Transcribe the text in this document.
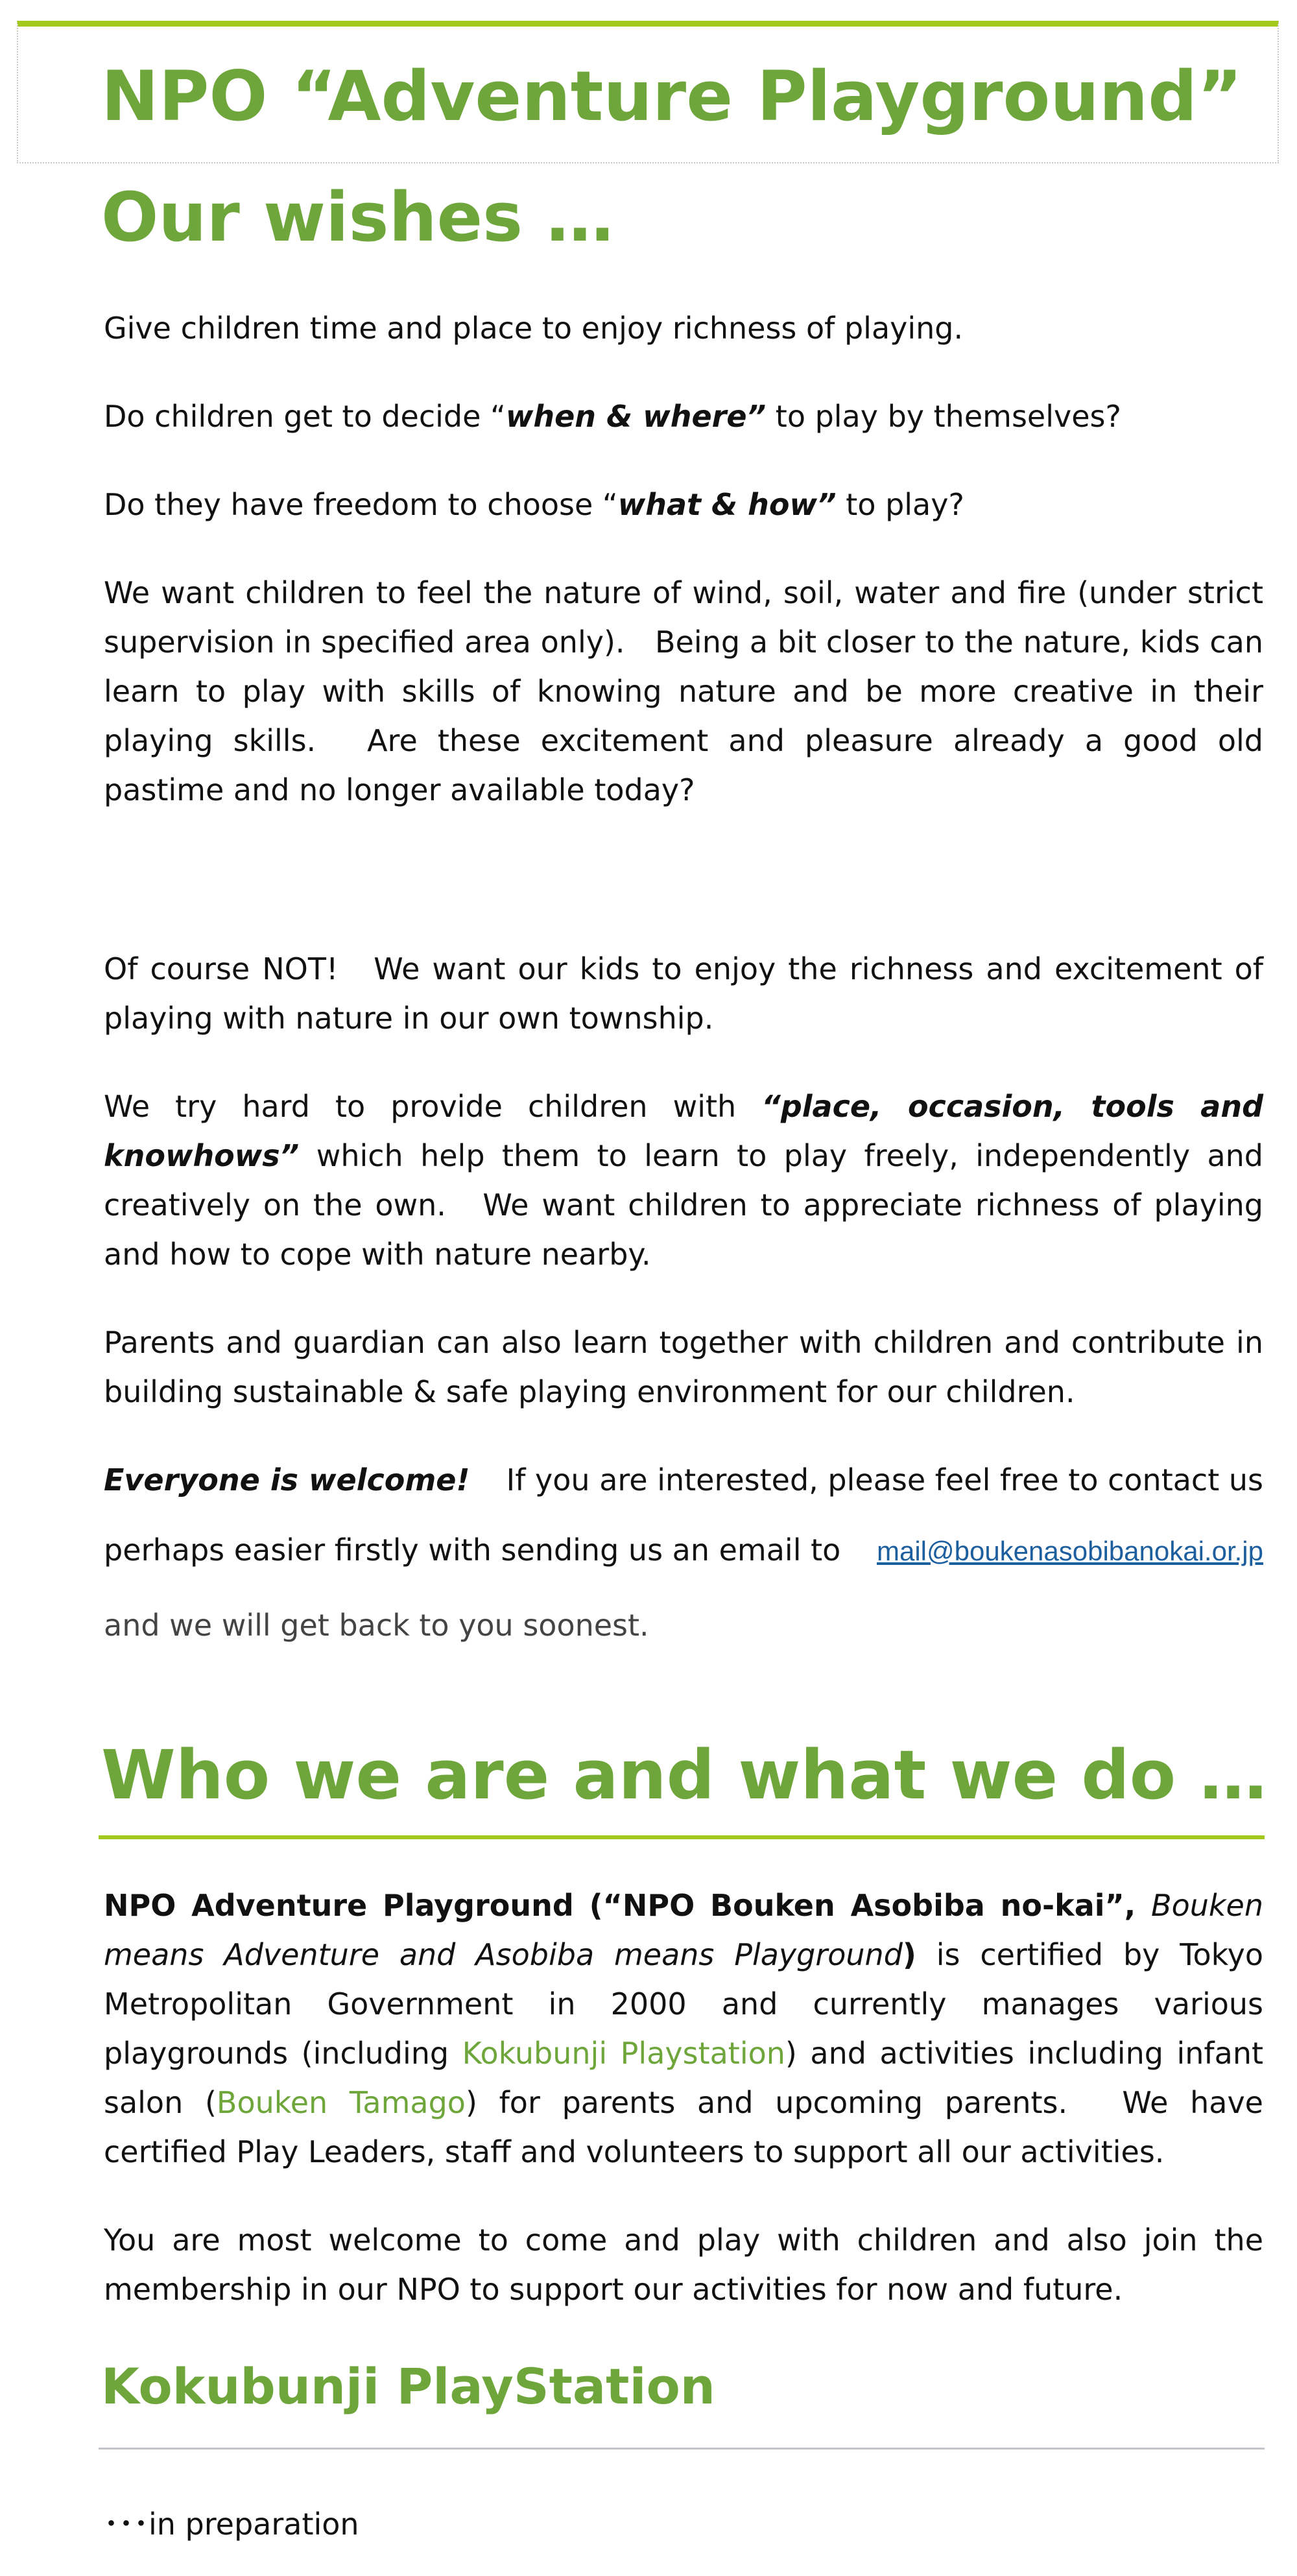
NPO “Adventure Playground”
Our wishes …

Give children time and place to enjoy richness of playing.

Do children get to decide “when & where” to play by themselves?

Do they have freedom to choose “what & how” to play?

We want children to feel the nature of wind, soil, water and fire (under strict supervision in specified area only).　Being a bit closer to the nature, kids can learn to play with skills of knowing nature and be more creative in their playing skills.　Are these excitement and pleasure already a good old pastime and no longer available today?

Of course NOT!　We want our kids to enjoy the richness and excitement of playing with nature in our own township.

We try hard to provide children with “place, occasion, tools and knowhows” which help them to learn to play freely, independently and creatively on the own.　We want children to appreciate richness of playing and how to cope with nature nearby.

Parents and guardian can also learn together with children and contribute in building sustainable & safe playing environment for our children.

Everyone is welcome! 　If you are interested, please feel free to contact us
perhaps easier firstly with sending us an email to mail@boukenasobibanokai.or.jp

and we will get back to you soonest.

Who we are and what we do …

NPO Adventure Playground (“NPO Bouken Asobiba no-kai”, Bouken means Adventure and Asobiba means Playground) is certified by Tokyo Metropolitan Government in 2000 and currently manages various playgrounds (including Kokubunji Playstation) and activities including infant salon (Bouken Tamago) for parents and upcoming parents.　We have certified Play Leaders, staff and volunteers to support all our activities.

You are most welcome to come and play with children and also join the membership in our NPO to support our activities for now and future.

Kokubunji PlayStation

･･･in preparation
